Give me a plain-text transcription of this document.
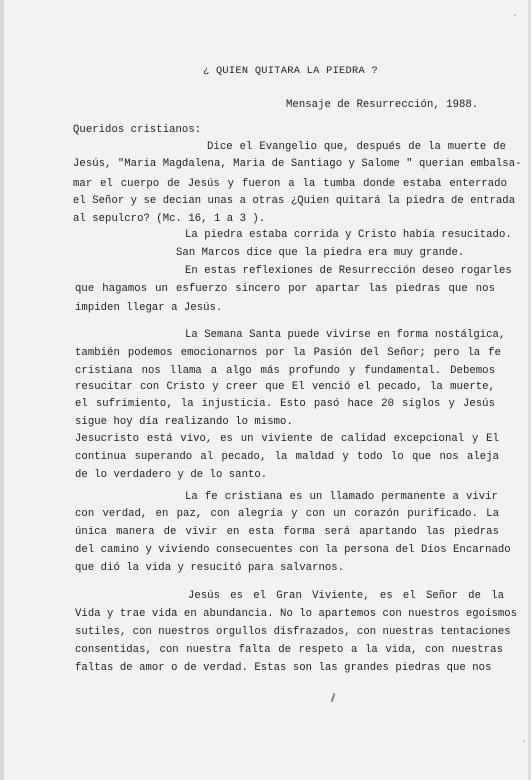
¿ QUIEN QUITARA LA PIEDRA ?
Mensaje de Resurrección, 1988.
Queridos cristianos:
Dice el Evangelio que, después de la muerte de
Jesús, "Maria Magdalena, Maria de Santiago y Salome " querian embalsa-
mar el cuerpo de Jesús y fueron a la tumba donde estaba enterrado
el Señor y se decian unas a otras ¿Quien quitará la piedra de entrada
al sepulcro? (Mc. 16, 1 a 3 ).
La piedra estaba corrida y Cristo había resucitado.
San Marcos dice que la piedra era muy grande.
En estas reflexiones de Resurrección deseo rogarles
que hagamos un esfuerzo sincero por apartar las piedras que nos
impiden llegar a Jesús.
La Semana Santa puede vivirse en forma nostálgica,
también podemos emocionarnos por la Pasión del Señor; pero la fe
cristiana nos llama a algo más profundo y fundamental. Debemos
resucitar con Cristo y creer que El venció el pecado, la muerte,
el sufrimiento, la injusticia. Esto pasó hace 20 siglos y Jesús
sigue hoy día realizando lo mismo.
Jesucristo está vivo, es un viviente de calidad excepcional y El
continua superando al pecado, la maldad y todo lo que nos aleja
de lo verdadero y de lo santo.
La fe cristiana es un llamado permanente a vivir
con verdad, en paz, con alegría y con un corazón purificado. La
única manera de vivir en esta forma será apartando las piedras
del camino y viviendo consecuentes con la persona del Dios Encarnado
que dió la vida y resucitó para salvarnos.
Jesús es el Gran Viviente, es el Señor de la
Vida y trae vida en abundancia. No lo apartemos con nuestros egoísmos
sutiles, con nuestros orgullos disfrazados, con nuestras tentaciones
consentidas, con nuestra falta de respeto a la vida, con nuestras
faltas de amor o de verdad. Estas son las grandes piedras que nos
